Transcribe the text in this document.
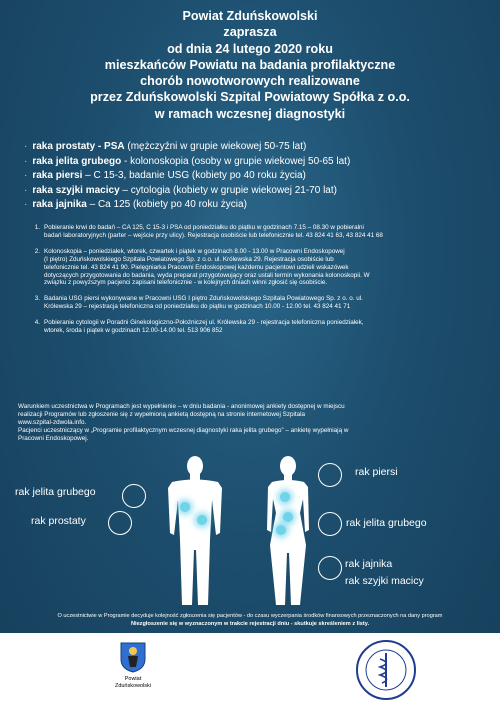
Powiat Zduńskowolski
zaprasza
od dnia 24 lutego 2020 roku
mieszkańców Powiatu na badania profilaktyczne
chorób nowotworowych realizowane
przez Zduńskowolski Szpital Powiatowy Spółka z o.o.
w ramach wczesnej diagnostyki
· raka prostaty - PSA (mężczyźni w grupie wiekowej 50-75 lat)
· raka jelita grubego - kolonoskopia (osoby w grupie wiekowej 50-65 lat)
· raka piersi – C 15-3, badanie USG (kobiety po 40 roku życia)
· raka szyjki macicy – cytologia (kobiety w grupie wiekowej 21-70 lat)
· raka jajnika – Ca 125 (kobiety po 40 roku życia)
1. Pobieranie krwi do badań – CA 125, C 15-3 i PSA od poniedziałku do piątku w godzinach 7.15 – 08.30 w pobieralni
badań laboratoryjnych (parter – wejście przy ulicy). Rejestracja osobiście lub telefonicznie tel. 43 824 41 63, 43 824 41 68
2. Kolonoskopia – poniedziałek, wtorek, czwartek i piątek w godzinach 8.00 - 13.00 w Pracowni Endoskopowej
(I piętro) Zduńskowolskiego Szpitala Powiatowego Sp. z o.o. ul. Królewska 29. Rejestracja osobiście lub
telefonicznie tel. 43 824 41 90. Pielęgniarka Pracowni Endoskopowej każdemu pacjentowi udzieli wskazówek
dotyczących przygotowania do badania, wyda preparat przygotowujący oraz ustali termin wykonania kolonoskopii. W
związku z powyższym pacjenci zapisani telefonicznie - w kolejnych dniach winni zgłosić się osobiście.
3. Badania USG piersi wykonywane w Pracowni USG I piętro Zduńskowolskiego Szpitala Powiatowego Sp. z o. o. ul.
Królewska 29 – rejestracja telefoniczna od poniedziałku do piątku w godzinach 10.00 - 12.00 tel. 43 824 41 71
4. Pobieranie cytologii w Poradni Ginekologiczno-Położniczej ul. Królewska 29 - rejestracja telefoniczna poniedziałek,
wtorek, środa i piątek w godzinach 12.00-14.00 tel. 513 906 852
Warunkiem uczestnictwa w Programach jest wypełnienie – w dniu badania - anonimowej ankiety dostępnej w miejscu
realizacji Programów lub zgłoszenie się z wypełnioną ankietą dostępną na stronie internetowej Szpitala
www.szpital-zdwola.info.
Pacjenci uczestniczący w „Programie profilaktycznym wczesnej diagnostyki raka jelita grubego” – ankietę wypełniają w
Pracowni Endoskopowej.
rak jelita grubego
rak prostaty
rak piersi
rak jelita grubego
rak jajnika
rak szyjki macicy
O uczestnictwie w Programie decyduje kolejność zgłoszenia się pacjentów - do czasu wyczerpania środków finansowych przeznaczonych na dany program
Niezgłoszenie się w wyznaczonym w trakcie rejestracji dniu - skutkuje skreśleniem z listy.
Powiat
Zduńskowolski
